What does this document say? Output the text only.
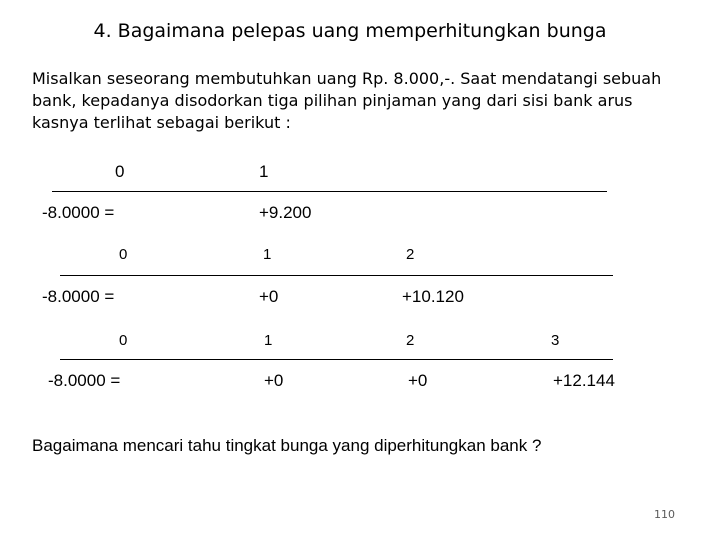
4. Bagaimana pelepas uang memperhitungkan bunga
Misalkan seseorang membutuhkan uang Rp. 8.000,-. Saat mendatangi sebuah
bank, kepadanya disodorkan tiga pilihan pinjaman yang dari sisi bank arus
kasnya terlihat sebagai berikut :
0	1
-8.0000 =	+9.200
0	1	2
-8.0000 =	+0	+10.120
0	1	2	3
-8.0000 =	+0	+0	+12.144
Bagaimana mencari tahu tingkat bunga yang diperhitungkan bank ?
110
